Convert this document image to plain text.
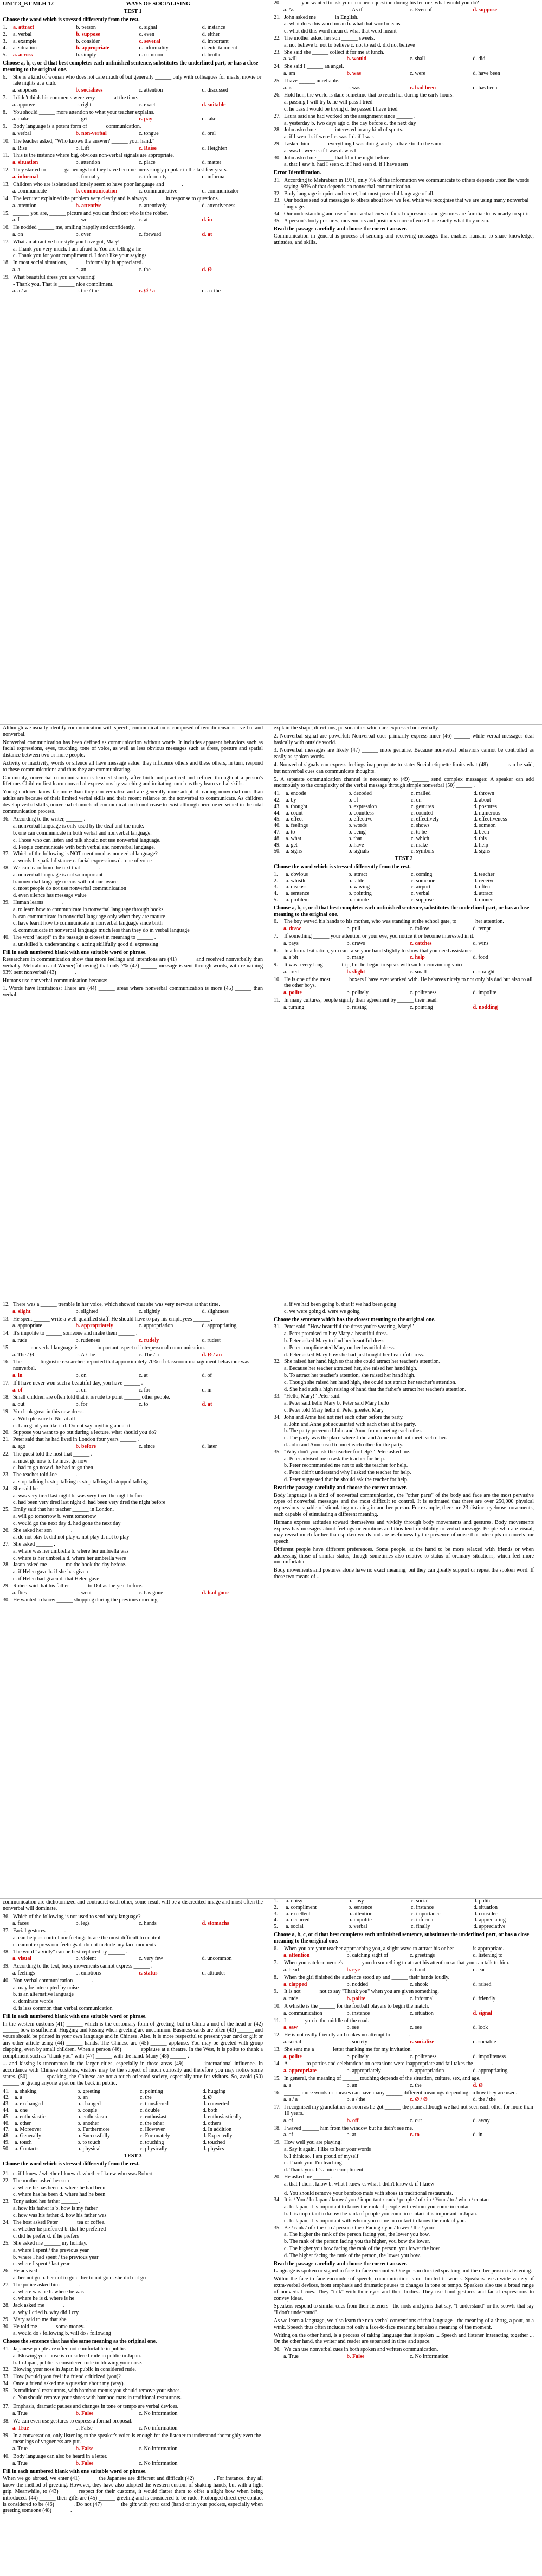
UNIT 3_BT MLH 12	WAYS OF SOCIALISING
TEST 1
Choose the word which is stressed differently from the rest.
1.	a. attract	b. person	c. signal	d. instance
2.	a. verbal	b. suppose	c. even	d. either
3.	a. example	b. consider	c. several	d. important
4.	a. situation	b. appropriate	c. informality	d. entertainment
5.	a. across	b. simply	c. common	d. brother
Choose a, b, c, or d that best completes each unfinished sentence, substitutes the underlined part, or has a close meaning to the original one.
6.	She is a kind of woman who does not care much of but generally ______ only with colleagues for meals, movie or late nights at a club.
a. supposes	b. socializes	c. attention	d. discussed
7.	I didn't think his comments were very ______ at the time.
a. approve	b. right	c. exact	d. suitable
8.	You should ______ more attention to what your teacher explains.
a. make	b. get	c. pay	d. take
9.	Body language is a potent form of ______ communication.
a. verbal	b. non-verbal	c. tongue	d. oral
10. The teacher asked, "Who knows the answer? ______ your hand."
a. Rise	b. Lift	c. Raise	d. Heighten
11. This is the instance where big, obvious non-verbal signals are appropriate.
a. situation	b. attention	c. place	d. matter
12. They started to ______ gatherings but they have become increasingly popular in the last few years.
a. informal	b. formally	c. informally	d. informal
13. Children who are isolated and lonely seem to have poor language and ______.
a. communicate	b. communication	c. communicative	d. communicator
14. The lecturer explained the problem very clearly and is always ______ in response to questions.
a. attention	b. attentive	c. attentively	d. attentiveness
15. ______ you are, ______ picture and you can find out who is the robber.
a. I	b. we	c. at	d. in
16. He nodded ______ me, smiling happily and confidently.
a. on	b. over	c. forward	d. at
17. What an attractive hair style you have got, Mary!
a. Thank you very much. I am afraid b. You are telling a lie
c. Thank you for your compliment d. I don't like your sayings
18. In most social situations, ______ informality is appreciated.
a. a	b. an	c. the	d. Ø
19. What beautiful dress you are wearing!
- Thank you. That is ______ nice compliment.
a. a / a	b. the / the	c. Ø / a	d. a / the
20. ______ you wanted to ask your teacher a question during his lecture, what would you do?
a. As	b. As if	c. Even of	d. suppose
21. John asked me ______ in English.
a. what does this word mean b. what that word means
c. what did this word mean d. what that word meant
22. The mother asked her son ______ sweets.
a. not believe b. not to believe c. not to eat d. did not believe
23. She said she ______ collect it for me at lunch.
a. will	b. would	c. shall	d. did
24. She said I ______ an angel.
a. am	b. was	c. were	d. have been
25. I have ______ unreliable.
a. is	b. was	c. had been	d. has been
26. Hold hon, the world is dane sometime that to reach her during the early hours.
a. passing I will try b. he will pass I tried
c. he pass I would be trying d. he passed I have tried
27. Laura said she had worked on the assignment since ______ .
a. yesterday b. two days ago c. the day before d. the next day
28. John asked me ______ interested in any kind of sports.
a. if I were b. if were I c. was I d. if I was
29. I asked him ______ everything I was doing, and you have to do the same.
a. was b. were c. if I was d. was I
30. John asked me ______ that film the night before.
a. that I saw b. had I seen c. if I had seen d. if I have seen
Error Identification.
31. According to Mehrabian in 1971, only 7% of the information we communicate to others depends upon the words saying, 93% of that depends on nonverbal communication.
32. Body language is quiet and secret, but most powerful language of all.
33. Our bodies send out messages to others about how we feel while we recognise that we are using many nonverbal language.
34. Our understanding and use of non-verbal cues in facial expressions and gestures are familiar to us nearly to spirit.
35. A person's body postures, movements and positions more often tell us exactly what they mean.
Read the passage carefully and choose the correct answer.
Communication in general is process of sending and receiving messages that enables humans to share knowledge, attitudes, and skills.
Although we usually identify communication with speech, communication is composed of two dimensions - verbal and nonverbal.
Nonverbal communication has been defined as communication without words. It includes apparent behaviors such as facial expressions, eyes, touching, tone of voice, as well as less obvious messages such as dress, posture and spatial distance between two or more people.
Activity or inactivity, words or silence all have message value: they influence others and these others, in turn, respond to these communications and thus they are communicating.
Commonly, nonverbal communication is learned shortly after birth and practiced and refined throughout a person's lifetime. Children first learn nonverbal expressions by watching and imitating, much as they learn verbal skills.
Young children know far more than they can verbalize and are generally more adept at reading nonverbal cues than adults are because of their limited verbal skills and their recent reliance on the nonverbal to communicate. As children develop verbal skills, nonverbal channels of communication do not cease to exist although become entwined in the total communication process.
36. According to the writer, ______ .
a. nonverbal language is only used by the deaf and the mute.
b. one can communicate in both verbal and nonverbal language.
c. Those who can listen and talk should not use nonverbal language.
d. People communicate with both verbal and nonverbal language.
37. Which of the following is NOT mentioned as nonverbal language?
a. words b. spatial distance c. facial expressions d. tone of voice
38. We can learn from the text that ______ .
a. nonverbal language is not so important
b. nonverbal language occurs without our aware
c. most people do not use nonverbal communication
d. even silence has message value
39. Human learns ______ .
a. to learn how to communicate in nonverbal language through books
b. can communicate in nonverbal language only when they are mature
c. have learnt how to communicate in nonverbal language since birth
d. communicate in nonverbal language much less than they do in verbal language
40. The word "adept" in the passage is closest in meaning to ______ .
a. unskilled b. understanding c. acting skillfully good d. expressing
Fill in each numbered blank with one suitable word or phrase.
Researchers in communication show that more feelings and intentions are (41) ______ and received nonverbally than verbally. Mehrabian and Wiener(following) that only 7% (42) ______ message is sent through words, with remaining 93% sent nonverbal (43) ______ .
Humans use nonverbal communication because:
1. Words have limitations: There are (44) ______ areas where nonverbal communication is more (45) ______ than verbal.
explain the shape, directions, personalities which are expressed nonverbally.
2. Nonverbal signal are powerful: Nonverbal cues primarily express inner (46) ______ while verbal messages deal basically with outside world.
3. Nonverbal messages are likely (47) ______ more genuine. Because nonverbal behaviors cannot be controlled as easily as spoken words.
4. Nonverbal signals can express feelings inappropriate to state: Social etiquette limits what (48) ______ can be said, but nonverbal cues can communicate thoughts.
5. A separate communication channel is necessary to (49) ______ send complex messages: A speaker can add enormously to the complexity of the verbal message through simple nonverbal (50) ______ .
41. a. encode	b. decoded	c. mailed	d. thrown
42. a. by	b. of	c. on	d. about
43. a. thought	b. expression	c. gestures	d. postures
44. a. count	b. countless	c. counted	d. numerous
45. a. effect	b. effective	c. effectively	d. effectiveness
46. a. feelings	b. words	c. shows	d. someon
47. a. to	b. being	c. to be	d. been
48. a. what	b. that	c. which	d. this
49. a. get	b. have	c. make	d. help
50. a. signs	b. signals	c. symbols	d. signs
TEST 2
Choose the word which is stressed differently from the rest.
1.	a. obvious	b. attract	c. coming	d. teacher
2.	a. whistle	b. table	c. someone	d. receive
3.	a. discuss	b. waving	c. airport	d. often
4.	a. sentence	b. pointing	c. verbal	d. attract
5.	a. problem	b. minute	c. suppose	d. dinner
Choose a, b, c, or d that best completes each unfinished sentence, substitutes the underlined part, or has a close meaning to the original one.
6.	The boy waved his hands to his mother, who was standing at the school gate, to ______ her attention.
a. draw	b. pull	c. follow	d. tempt
7.	If something ______ your attention or your eye, you notice it or become interested in it.
a. pays	b. draws	c. catches	d. wins
8.	In a formal situation, you can raise your hand slightly to show that you need assistance.
a. a bit	b. many	c. help	d. food
9.	It was a very long ______ trip, but he began to speak with such a convincing voice.
a. tired	b. slight	c. small	d. straight
10. He is one of the most ______ boxers I have ever worked with. He behaves nicely to not only his dad but also to all the other boys.
a. polite	b. politely	c. politeness	d. impolite
11. In many cultures, people signify their agreement by ______ their head.
a. turning	b. raising	c. pointing	d. nodding
12. There was a ______ tremble in her voice, which showed that she was very nervous at that time.
a. slight	b. slighted	c. slightly	d. slightness
13. He spent ______ write a well-qualified staff. He should have to pay his employees ______ .
a. appropriate	b. appropriately	c. appropriation	d. appropriating
14. It's impolite to ______ someone and make them ______ .
a. rude	b. rudeness	c. rudely	d. rudest
15. ______ nonverbal language is ______ important aspect of interpersonal communication.
a. The / Ø	b. A / the	c. The / a	d. Ø / an
16. The ______ linguistic researcher, reported that approximately 70% of classroom management behaviour was nonverbal.
a. in	b. on	c. at	d. of
17. If I have never won such a beautiful day, you have ______ .
a. of	b. on	c. for	d. in
18. Small children are often told that it is rude to point ______ other people.
a. out	b. for	c. to	d. at
19. You look great in this new dress.
a. With pleasure b. Not at all
c. I am glad you like it d. Do not say anything about it
20. Suppose you want to go out during a lecture, what should you do?
21. Peter said that he had lived in London four years ______ .
a. ago	b. before	c. since	d. later
22. The guest told the host that ______ .
a. must go now b. he must go now
c. had to go now d. he had to go then
23. The teacher told Joe ______ .
a. stop talking b. stop talking c. stop talking d. stopped talking
24. She said he ______ .
a. was very tired last night b. was very tired the night before
c. had been very tired last night d. had been very tired the night before
25. Emily said that her teacher ______ in London.
a. will go tomorrow b. went tomorrow
c. would go the next day d. had gone the next day
26. She asked her son ______ .
a. do not play b. did not play c. not play d. not to play
27. She asked ______ .
a. where was her umbrella b. where her umbrella was
c. where is her umbrella d. where her umbrella were
28. Jason asked me ______ me the book the day before.
a. if Helen gave b. if she has given
c. if Helen had given d. that Helen gave
29. Robert said that his father ______ to Dallas the year before.
a. flies	b. went	c. has gone	d. had gone
30. He wanted to know ______ shopping during the previous morning.
a. if we had been going b. that if we had been going
c. we were going d. were we going
Choose the sentence which has the closest meaning to the original one.
31. Peter said: "How beautiful the dress you're wearing, Mary!"
a. Peter promised to buy Mary a beautiful dress.
b. Peter asked Mary to find her beautiful dress.
c. Peter complimented Mary on her beautiful dress.
d. Peter asked Mary how she had just bought her beautiful dress.
32. She raised her hand high so that she could attract her teacher's attention.
a. Because her teacher attracted her, she raised her hand high.
b. To attract her teacher's attention, she raised her hand high.
c. Though she raised her hand high, she could not attract her teacher's attention.
d. She had such a high raising of hand that the father's attract her teacher's attention.
33. "Hello, Mary!" Peter said.
a. Peter said hello Mary b. Peter said Mary hello
c. Peter told Mary hello d. Peter greeted Mary
34. John and Anne had not met each other before the party.
a. John and Anne got acquainted with each other at the party.
b. The party prevented John and Anne from meeting each other.
c. The party was the place where John and Anne could not meet each other.
d. John and Anne used to meet each other for the party.
35. "Why don't you ask the teacher for help?" Peter asked me.
a. Peter advised me to ask the teacher for help.
b. Peter recommended me not to ask the teacher for help.
c. Peter didn't understand why I asked the teacher for help.
d. Peter suggested that he should ask the teacher for help.
Read the passage carefully and choose the correct answer.
Body language is a kind of nonverbal communication, the "other parts" of the body and face are the most pervasive types of nonverbal messages and the most difficult to control. It is estimated that there are over 250,000 physical expressions capable of stimulating meaning in another person. For example, there are 23 distinct eyebrow movements, each capable of stimulating a different meaning.
Humans express attitudes toward themselves and vividly through body movements and gestures. Body movements express has messages about feelings or emotions and thus lend credibility to verbal message. People who are visual, may reveal much farther than spoken words and are usefulness by the presence of noise that interrupts or cancels our speech.
Different people have different preferences. Some people, at the hand to be more relaxed with friends or when addressing those of similar status, though sometimes also relative to status of ordinary situations, which feel more uncomfortable.
Body movements and postures alone have no exact meaning, but they can greatly support or repeat the spoken word. If these two means of ...
communication are dichotomized and contradict each other, some result will be a discredited image and most often the nonverbal will dominate.
36. Which of the following is not used to send body language?
a. faces	b. legs	c. hands	d. stomachs
37. Facial gestures ______ .
a. can help us control our feelings b. are the most difficult to control
c. cannot express our feelings d. do not include any face moments
38. The word "vividly" can be best replaced by ______ .
a. visual	b. violent	c. very few	d. uncommon
39. According to the text, body movements cannot express ______ .
a. feelings	b. emotions	c. status	d. attitudes
40. Non-verbal communication ______ .
a. may be interrupted by noise
b. is an alternative language
c. dominate words
d. is less common than verbal communication
Fill in each numbered blank with one suitable word or phrase.
In the western customs (41) ______ which is the customary form of greeting, but in China a nod of the head or (42) ______ bow is sufficient. Hugging and kissing when greeting are uncommon. Business cards are often (43) ______ and yours should be printed in your own language and in Chinese. Also, it is more respectful to present your card or gift or any other article using (44) ______ hands. The Chinese are (45) ______ applause. You may be greeted with group clapping, even by small children. When a person (46) ______ applause at a theatre. In the West, it is polite to thank a compliment such as "thank you" with (47) ______ with the hand. Many (48) ______ .
... and kissing is uncommon in the larger cities, especially in those areas (49) ______ international influence. In accordance with Chinese customs, visitors may be the subject of much curiosity and therefore you may notice some stares. (50) ______ speaking, the Chinese are not a touch-oriented society, especially true for visitors. So, avoid (50) ______ or giving anyone a pat on the back in public.
41. a. shaking	b. greeting	c. pointing	d. hugging
42. a. a	b. an	c. the	d. Ø
43. a. exchanged	b. changed	c. transferred	d. converted
44. a. one	b. couple	c. double	d. both
45. a. enthusiastic	b. enthusiasm	c. enthusiast	d. enthusiastically
46. a. other	b. another	c. the other	d. others
47. a. Moreover	b. Furthermore	c. However	d. In addition
48. a. Generally	b. Successfully	c. Fortunately	d. Expectedly
49. a. touch	b. to touch	c. touching	d. touched
50. a. Contacts	b. physical	c. physically	d. physics
TEST 3
Choose the word which is stressed differently from the rest.
21. c. if I knew / whether I knew d. whether I knew who was Robert
22. The mother asked her son ______ .
a. where he has been b. where he had been
c. where has he been d. where had he been
23. Tony asked her father ______ .
a. how his father is b. how is my father
c. how was his father d. how his father was
24. The host asked Peter ______ tea or coffee.
a. whether he preferred b. that he preferred
c. did he prefer d. if he prefers
25. She asked me ______ my holiday.
a. where I spent / the previous year
b. where I had spent / the previous year
c. where I spent / last year
26. He advised ______ .
a. her not go b. her not to go c. her to not go d. she did not go
27. The police asked him ______ .
a. where was he b. where he was
c. where he is d. where is he
28. Jack asked me ______ .
a. why I cried b. why did I cry
29. Mary said to me that she ______ .
30. He told me ______ some money.
a. would do / following b. will do / following
Choose the sentence that has the same meaning as the original one.
31. Japanese people are often not comfortable in public.
a. Blowing your nose is considered rude in public in Japan.
b. In Japan, public is considered rude in blowing your nose.
32. Blowing your nose in Japan is public in considered rude.
33. How (would) you feel if a friend criticized (you)?
34. Once a friend asked me a question about my (way).
35. Is traditional restaurants, with bamboo menus you should remove your shoes.
c. You should remove your shoes with bamboo mats in traditional restaurants.
37. Emphasis, dramatic pauses and changes in tone or tempo are verbal devices.
a. True	b. False	c. No information
38. We can even use gestures to express a formal proposal.
a. True	b. False	c. No information
39. In a conversation, only listening to the speaker's voice is enough for the listener to understand thoroughly even the meanings of vagueness are put.
a. True	b. False	c. No information
40. Body language can also be heard in a letter.
a. True	b. False	c. No information
Fill in each numbered blank with one suitable word or phrase.
When we go abroad, we enter (41) ______ the Japanese are different and difficult (42) ______ . For instance, they all know the method of greeting. However, they have also adopted the western custom of shaking hands, but with a light grip. Meanwhile, to (43) ______ respect for their customs, it would flatter them to offer a slight bow when being introduced. (44) ______ their gifts are (45) ______ greeting and is considered to be rude. Prolonged direct eye contact is considered to be (46) ______ . Do not (47) ______ the gift with your card (hand or in your pockets, especially when greeting someone (48) ______ .
1.	a. noisy	b. busy	c. social	d. polite
2.	a. compliment	b. sentence	c. instance	d. situation
3.	a. excellent	b. attention	c. importance	d. consider
4.	a. occurred	b. impolite	c. informal	d. appreciating
5.	a. social	b. verbal	c. finally	d. appreciative
Choose a, b, c, or d that best completes each unfinished sentence, substitutes the underlined part, or has a close meaning to the original one.
6.	When you are your teacher approaching you, a slight wave to attract his or her ______ is appropriate.
a. attention	b. catching sight of	c. greetings	d. listening to
7.	When you catch someone's ______ you do something to attract his attention so that you can talk to him.
a. head	b. eye	c. hand	d. ear
8.	When the girl finished the audience stood up and ______ their hands loudly.
a. clapped	b. nodded	c. shook	d. raised
9.	It is not ______ not to say "Thank you" when you are given something.
a. rude	b. polite	c. informal	d. friendly
10. A whistle is the ______ for the football players to begin the match.
a. communication	b. instance	c. situation	d. signal
11. I ______ you in the middle of the road.
a. saw	b. see	c. see	d. look
12. He is not really friendly and makes no attempt to ______ .
a. social	b. society	c. socialize	d. sociable
13. She sent me a ______ letter thanking me for my invitation.
a. polite	b. politely	c. politeness	d. impoliteness
14. A ______ to parties and celebrations on occasions were inappropriate and fail takes the ______ .
a. appropriate	b. appropriately	c. appropriation	d. appropriating
15. In general, the meaning of ______ touching depends of the situation, culture, sex, and age.
a. a	b. an	c. the	d. Ø
16. ______ more words or phrases can have many ______ different meanings depending on how they are used.
a. a / a	b. a / the	c. Ø / Ø	d. the / the
17. I recognised my grandfather as soon as he got ______ the plane although we had not seen each other for more than 10 years.
a. of	b. off	c. out	d. away
18. I waved ______ him from the window but he didn't see me.
a. of	b. at	c. to	d. in
19. How well you are playing!
a. Say it again. I like to hear your words
b. I think so. I am proud of myself
c. Thank you. I'm teaching
d. Thank you. It's a nice compliment
20. He asked me ______ .
a. that I didn't know b. what I knew c. what I didn't know d. if I knew
d. You should remove your bamboo mats with shoes in traditional restaurants.
34. It is / You / In Japan / know / you / important / rank / people / of / in / Your / to / when / contact
a. In Japan, it is important to know the rank of people with whom you come in contact.
b. It is important to know the rank of people you come in contact it is important in Japan.
c. In Japan, it is important with whom you come in contact to know the rank of you.
35. Be / rank / of / the / to / person / the / Facing / you / lower / the / your
a. The higher the rank of the person facing you, the lower you bow.
b. The rank of the person facing you the higher, you bow the lower.
c. The higher you bow facing the rank of the person, you lower the bow.
d. The higher facing the rank of the person, the lower you bow.
Read the passage carefully and choose the correct answer.
Language is spoken or signed in face-to-face encounter. One person directed speaking and the other person is listening.
Within the face-to-face encounter of speech, communication is not limited to words. Speakers use a wide variety of extra-verbal devices, from emphasis and dramatic pauses to changes in tone or tempo. Speakers also use a broad range of nonverbal cues. They "talk" with their eyes and their bodies. They use hand gestures and facial expressions to convey ideas.
Speakers respond to similar cues from their listeners - the nods and grins that say, "I understand" or the scowls that say "I don't understand".
As we learn a language, we also learn the non-verbal conventions of that language - the meaning of a shrug, a pout, or a wink. Speech thus often includes not only a face-to-face meaning but also a meaning of the moment.
Writing on the other hand, is a process of taking language that is spoken ... Speech and listener interacting together ... On the other hand, the writer and reader are separated in time and space.
36. We can use nonverbal cues in both spoken and written communication.
a. True	b. False	c. No information
